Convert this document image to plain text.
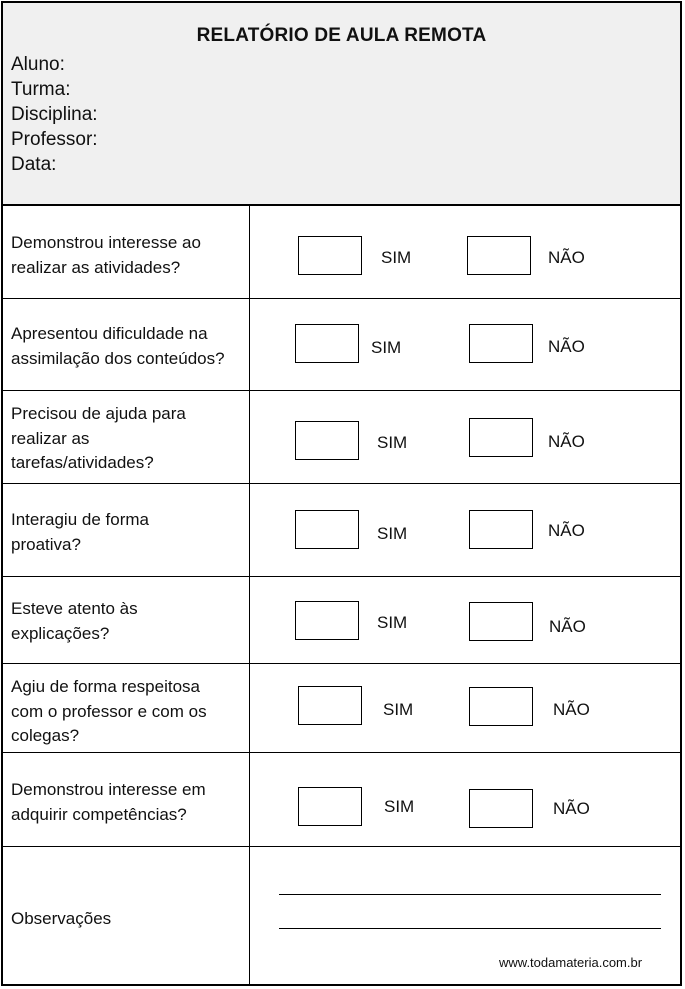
RELATÓRIO DE AULA REMOTA
Aluno:
Turma:
Disciplina:
Professor:
Data:
Demonstrou interesse ao
realizar as atividades?	SIM	NÃO
Apresentou dificuldade na
assimilação dos conteúdos?
SIM	NÃO
Precisou de ajuda para
realizar as
tarefas/atividades?
SIM	NÃO
Interagiu de forma
proativa?
SIM	NÃO
Esteve atento às
explicações?
SIM	NÃO
Agiu de forma respeitosa
com o professor e com os
colegas?
SIM	NÃO
Demonstrou interesse em
adquirir competências?	SIM	NÃO
Observações
www.todamateria.com.br
